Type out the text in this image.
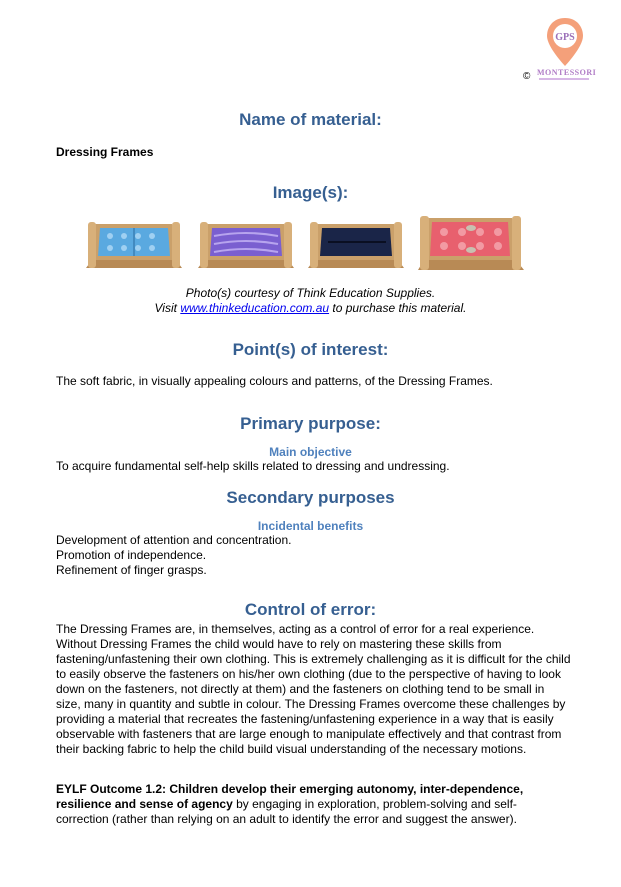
GPS
© MONTESSORI
Name of material:
Dressing Frames
Image(s):
Photo(s) courtesy of Think Education Supplies.
Visit www.thinkeducation.com.au to purchase this material.
Point(s) of interest:
The soft fabric, in visually appealing colours and patterns, of the Dressing Frames.
Primary purpose:
Main objective
To acquire fundamental self-help skills related to dressing and undressing.
Secondary purposes
Incidental benefits
Development of attention and concentration.
Promotion of independence.
Refinement of finger grasps.
Control of error:
The Dressing Frames are, in themselves, acting as a control of error for a real experience. Without Dressing Frames the child would have to rely on mastering these skills from fastening/unfastening their own clothing. This is extremely challenging as it is difficult for the child to easily observe the fasteners on his/her own clothing (due to the perspective of having to look down on the fasteners, not directly at them) and the fasteners on clothing tend to be small in size, many in quantity and subtle in colour. The Dressing Frames overcome these challenges by providing a material that recreates the fastening/unfastening experience in a way that is easily observable with fasteners that are large enough to manipulate effectively and that contrast from their backing fabric to help the child build visual understanding of the necessary motions.
EYLF Outcome 1.2: Children develop their emerging autonomy, inter-dependence, resilience and sense of agency by engaging in exploration, problem-solving and self-correction (rather than relying on an adult to identify the error and suggest the answer).
